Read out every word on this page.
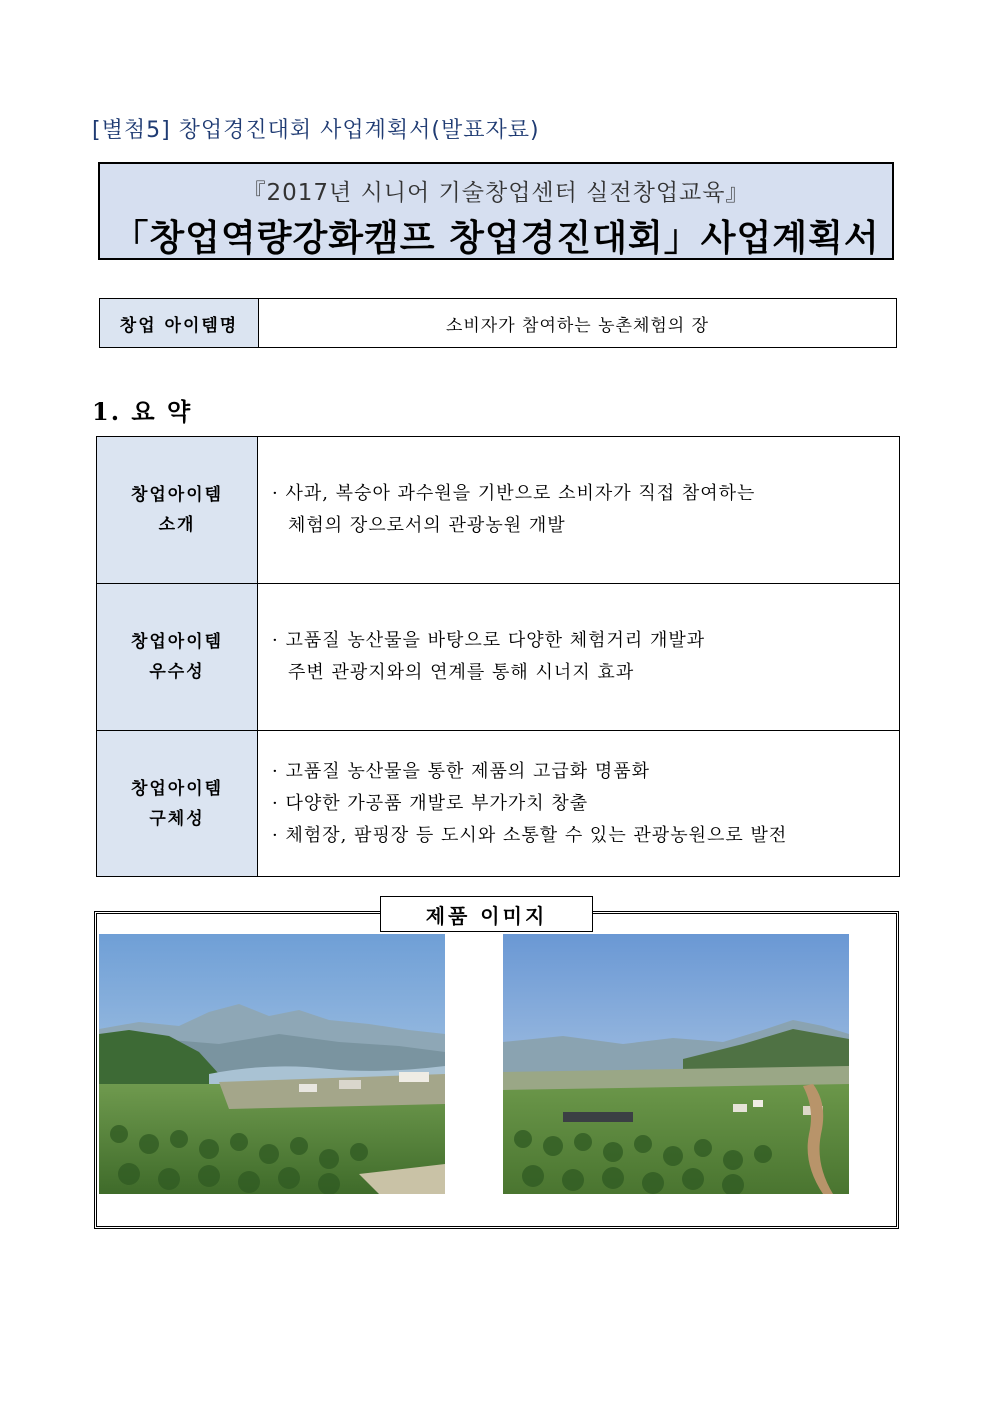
[별첨5] 창업경진대회 사업계획서(발표자료)
『2017년 시니어 기술창업센터 실전창업교육』
「창업역량강화캠프 창업경진대회」사업계획서
창업 아이템명	소비자가 참여하는 농촌체험의 장
1. 요 약
창업아이템
소개
· 사과, 복숭아 과수원을 기반으로 소비자가 직접 참여하는
체험의 장으로서의 관광농원 개발
창업아이템
우수성
· 고품질 농산물을 바탕으로 다양한 체험거리 개발과
주변 관광지와의 연계를 통해 시너지 효과
창업아이템
구체성
· 고품질 농산물을 통한 제품의 고급화 명품화
· 다양한 가공품 개발로 부가가치 창출
· 체험장, 팜핑장 등 도시와 소통할 수 있는 관광농원으로 발전
제품 이미지
